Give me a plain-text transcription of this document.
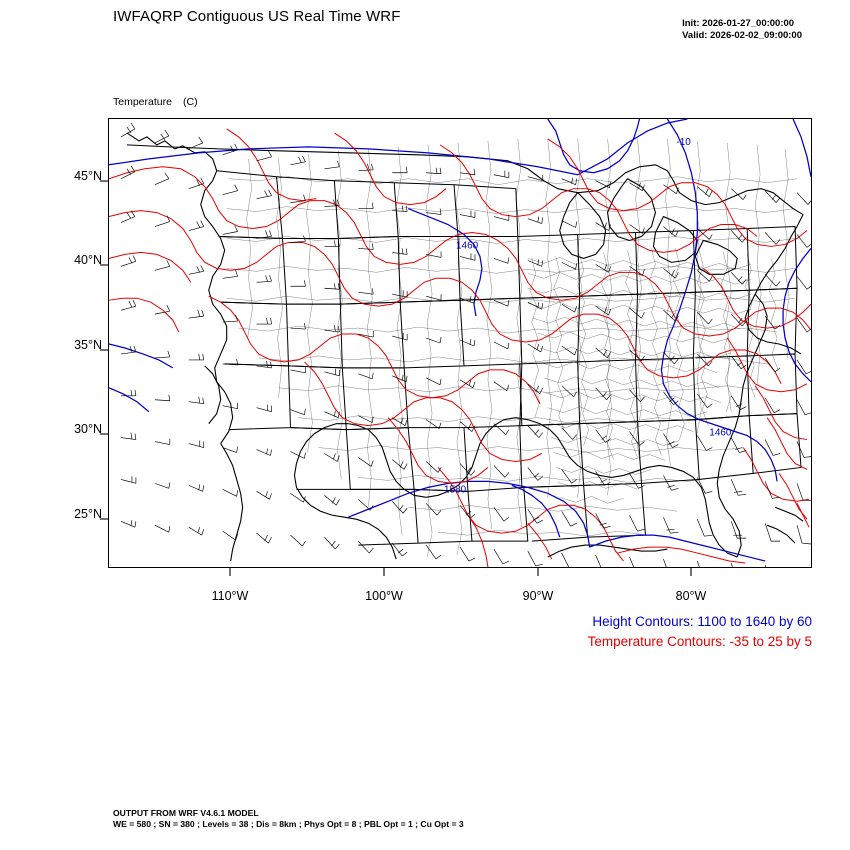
IWFAQRP Contiguous US Real Time WRF	Init: 2026-01-27_00:00:00
Valid: 2026-02-02_09:00:00

Temperature (C)

45°N
40°N
35°N
30°N
25°N
110°W	100°W	90°W	80°W
-10
1460
1460
1580
Height Contours: 1100 to 1640 by 60
Temperature Contours: -35 to 25 by 5
OUTPUT FROM WRF V4.6.1 MODEL
WE = 580 ; SN = 380 ; Levels = 38 ; Dis = 8km ; Phys Opt = 8 ; PBL Opt = 1 ; Cu Opt = 3
